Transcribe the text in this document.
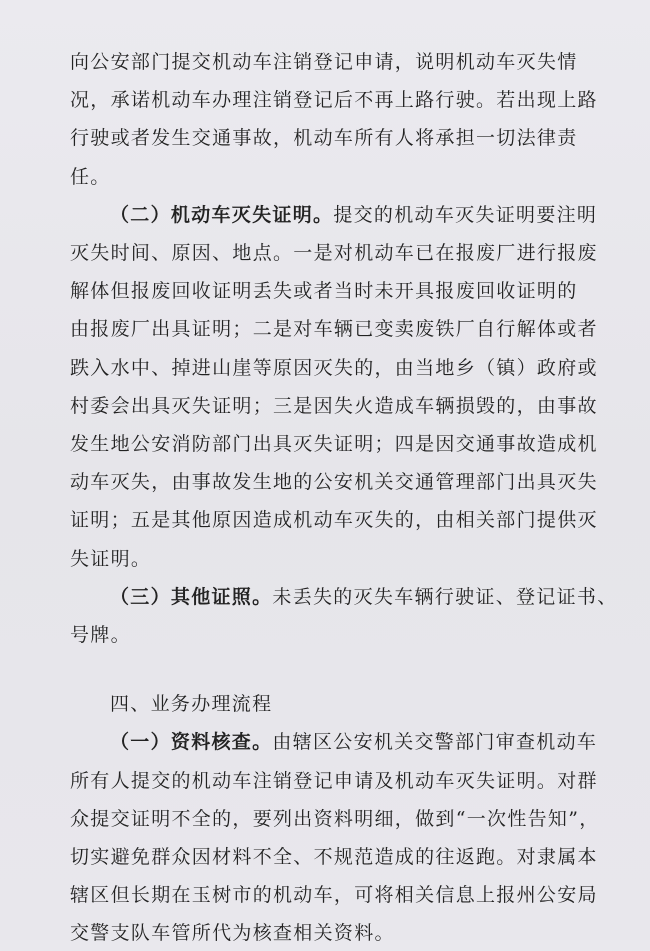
向公安部门提交机动车注销登记申请，说明机动车灭失情
况，承诺机动车办理注销登记后不再上路行驶。若出现上路
行驶或者发生交通事故，机动车所有人将承担一切法律责
任。
（二）机动车灭失证明。提交的机动车灭失证明要注明
灭失时间、原因、地点。一是对机动车已在报废厂进行报废
解体但报废回收证明丢失或者当时未开具报废回收证明的
由报废厂出具证明；二是对车辆已变卖废铁厂自行解体或者
跌入水中、掉进山崖等原因灭失的，由当地乡（镇）政府或
村委会出具灭失证明；三是因失火造成车辆损毁的，由事故
发生地公安消防部门出具灭失证明；四是因交通事故造成机
动车灭失，由事故发生地的公安机关交通管理部门出具灭失
证明；五是其他原因造成机动车灭失的，由相关部门提供灭
失证明。
（三）其他证照。未丢失的灭失车辆行驶证、登记证书、
号牌。
四、业务办理流程
（一）资料核查。由辖区公安机关交警部门审查机动车
所有人提交的机动车注销登记申请及机动车灭失证明。对群
众提交证明不全的，要列出资料明细，做到“一次性告知”，
切实避免群众因材料不全、不规范造成的往返跑。对隶属本
辖区但长期在玉树市的机动车，可将相关信息上报州公安局
交警支队车管所代为核查相关资料。
